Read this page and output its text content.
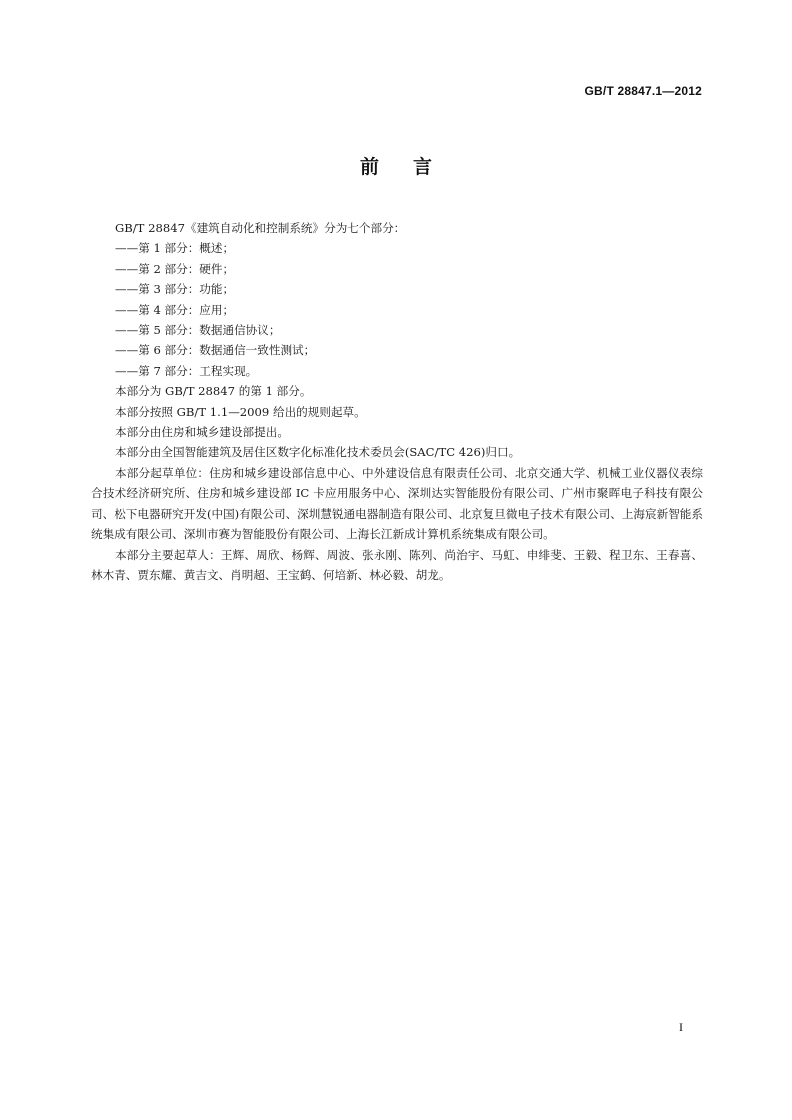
GB/T 28847.1—2012
前 言

GB/T 28847《建筑自动化和控制系统》分为七个部分：

——第 1 部分：概述；

——第 2 部分：硬件；

——第 3 部分：功能；

——第 4 部分：应用；

——第 5 部分：数据通信协议；

——第 6 部分：数据通信一致性测试；

——第 7 部分：工程实现。

本部分为 GB/T 28847 的第 1 部分。

本部分按照 GB/T 1.1—2009 给出的规则起草。

本部分由住房和城乡建设部提出。

本部分由全国智能建筑及居住区数字化标准化技术委员会(SAC/TC 426)归口。

本部分起草单位：住房和城乡建设部信息中心、中外建设信息有限责任公司、北京交通大学、机械工业仪器仪表综合技术经济研究所、住房和城乡建设部 IC 卡应用服务中心、深圳达实智能股份有限公司、广州市聚晖电子科技有限公司、松下电器研究开发(中国)有限公司、深圳慧锐通电器制造有限公司、北京复旦微电子技术有限公司、上海宸新智能系统集成有限公司、深圳市赛为智能股份有限公司、上海长江新成计算机系统集成有限公司。

本部分主要起草人：王辉、周欣、杨辉、周波、张永刚、陈列、尚治宇、马虹、申绯斐、王毅、程卫东、王春喜、林木青、贾东耀、黄吉文、肖明超、王宝鹤、何培新、林必毅、胡龙。

I
